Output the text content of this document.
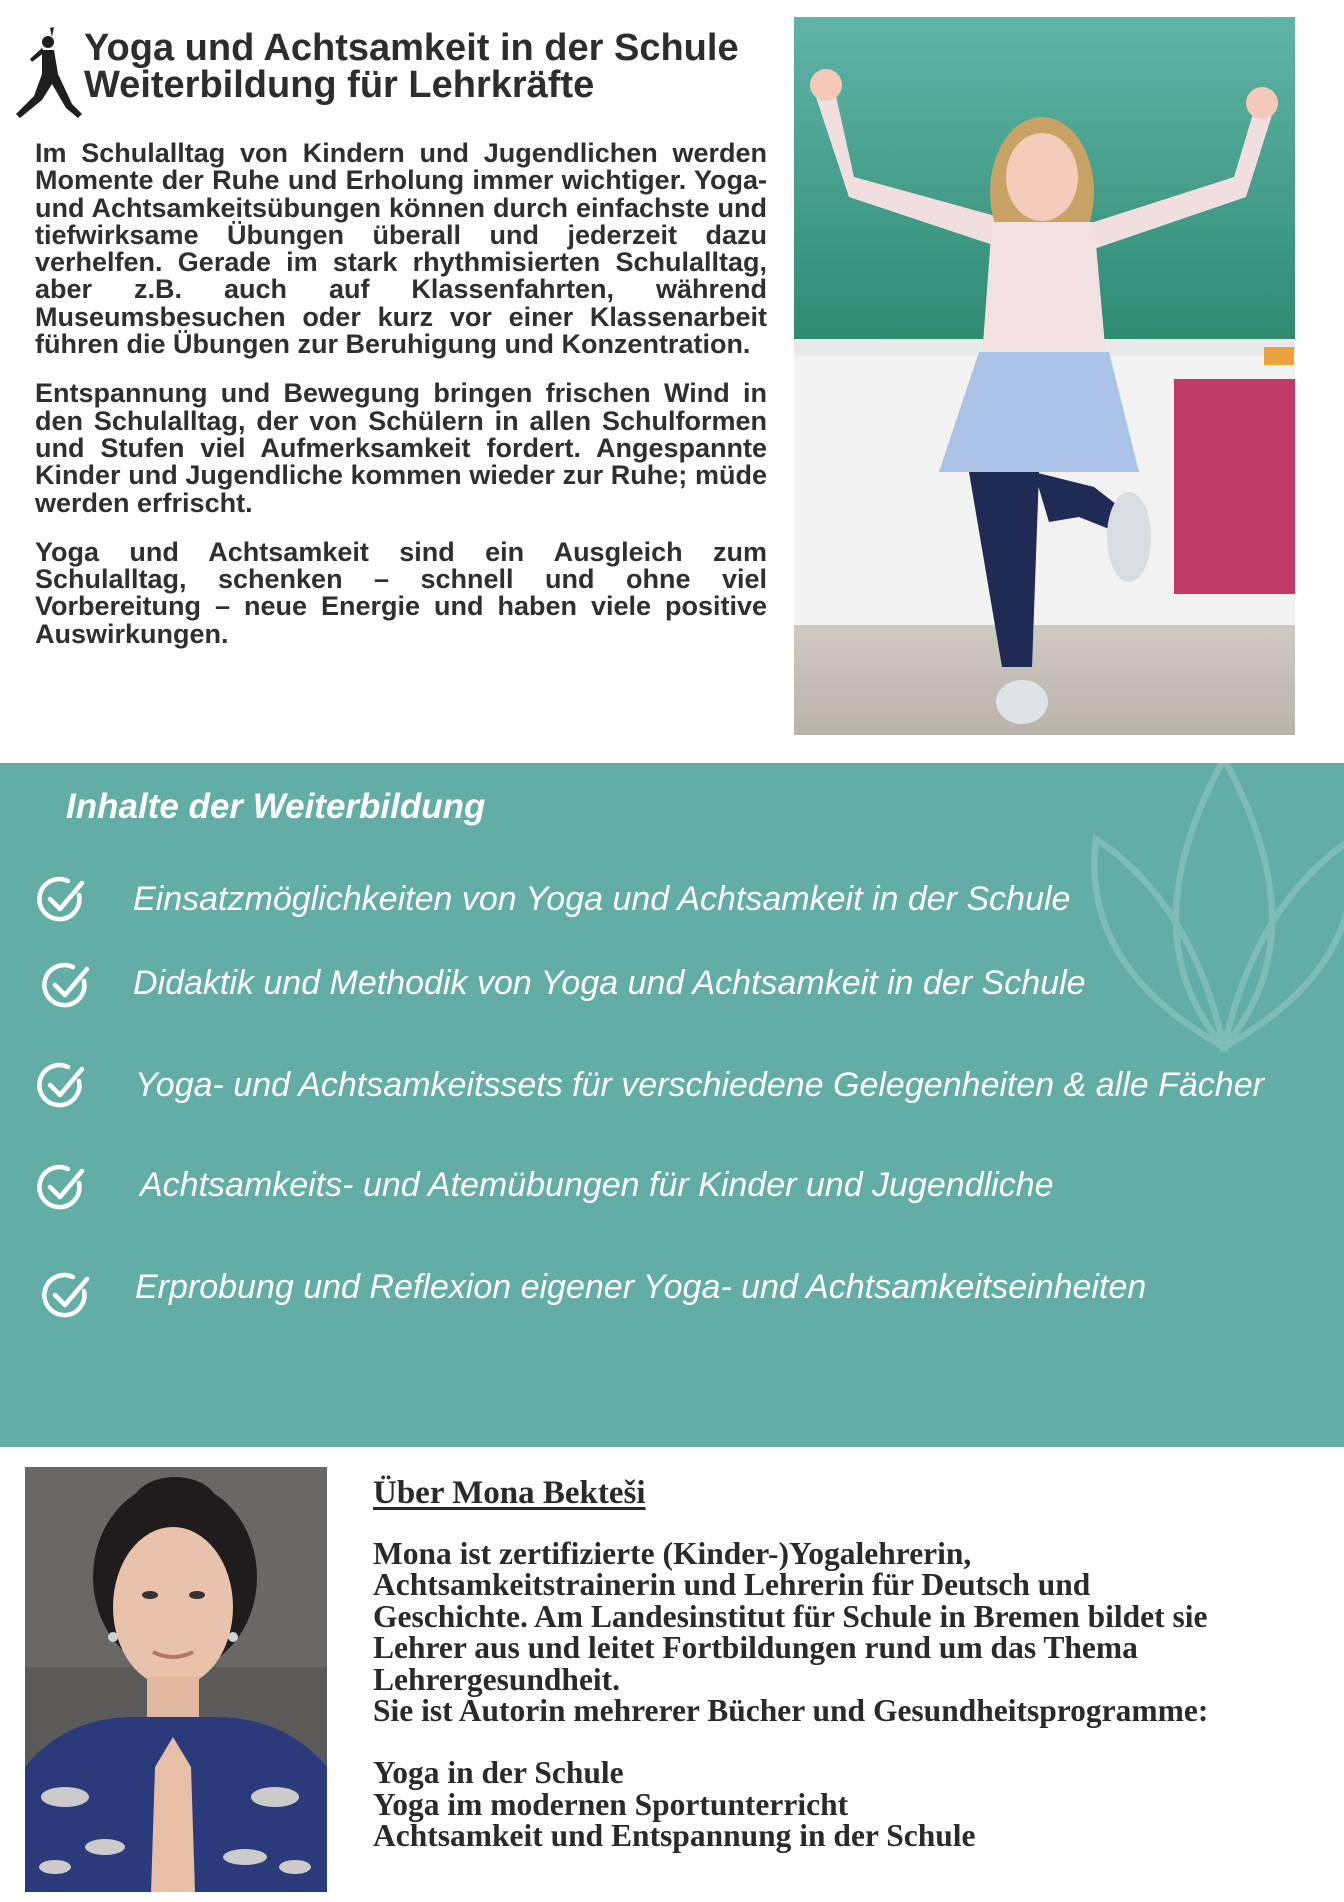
Yoga und Achtsamkeit in der Schule
Weiterbildung für Lehrkräfte

Im Schulalltag von Kindern und Jugendlichen werden Momente der Ruhe und Erholung immer wichtiger. Yoga-und Achtsamkeitsübungen können durch einfachste und tiefwirksame Übungen überall und jederzeit dazu verhelfen. Gerade im stark rhythmisierten Schulalltag, aber z.B. auch auf Klassenfahrten, während Museumsbesuchen oder kurz vor einer Klassenarbeit führen die Übungen zur Beruhigung und Konzentration.

Entspannung und Bewegung bringen frischen Wind in den Schulalltag, der von Schülern in allen Schulformen und Stufen viel Aufmerksamkeit fordert. Angespannte Kinder und Jugendliche kommen wieder zur Ruhe; müde werden erfrischt.

Yoga und Achtsamkeit sind ein Ausgleich zum Schulalltag, schenken – schnell und ohne viel Vorbereitung – neue Energie und haben viele positive Auswirkungen.

Inhalte der Weiterbildung
Einsatzmöglichkeiten von Yoga und Achtsamkeit in der Schule
Didaktik und Methodik von Yoga und Achtsamkeit in der Schule
Yoga- und Achtsamkeitssets für verschiedene Gelegenheiten & alle Fächer
Achtsamkeits- und Atemübungen für Kinder und Jugendliche
Erprobung und Reflexion eigener Yoga- und Achtsamkeitseinheiten
Über Mona Bekteši
Mona ist zertifizierte (Kinder-)Yogalehrerin,
Achtsamkeitstrainerin und Lehrerin für Deutsch und
Geschichte. Am Landesinstitut für Schule in Bremen bildet sie
Lehrer aus und leitet Fortbildungen rund um das Thema
Lehrergesundheit.
Sie ist Autorin mehrerer Bücher und Gesundheitsprogramme:
Yoga in der Schule
Yoga im modernen Sportunterricht
Achtsamkeit und Entspannung in der Schule
